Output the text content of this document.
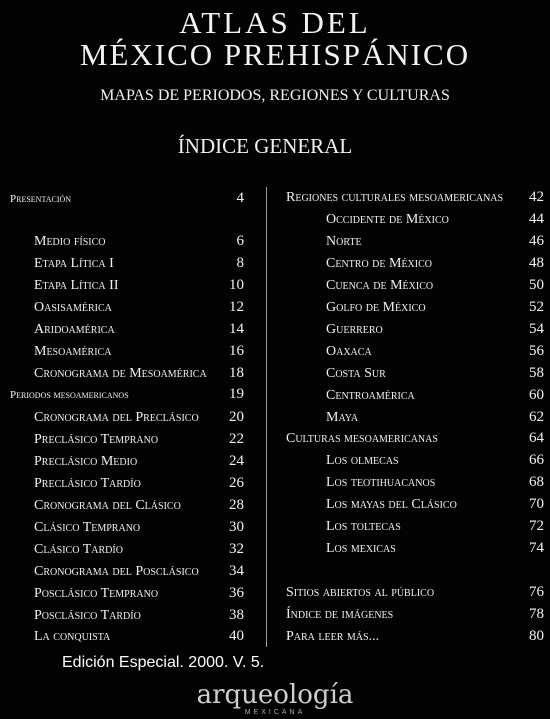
ATLAS DEL
MÉXICO PREHISPÁNICO
MAPAS DE PERIODOS, REGIONES Y CULTURAS
ÍNDICE GENERAL
Presentación	4
Medio físico	6
Etapa Lítica I	8
Etapa Lítica II	10
Oasisamérica	12
Aridoamérica	14
Mesoamérica	16
Cronograma de Mesoamérica 18
Periodos mesoamericanos	19
Cronograma del Preclásico 20
Preclásico Temprano	22
Preclásico Medio	24
Preclásico Tardío	26
Cronograma del Clásico	28
Clásico Temprano	30
Clásico Tardío	32
Cronograma del Posclásico 34
Posclásico Temprano	36
Posclásico Tardío	38
La conquista	40
Regiones culturales mesoamericanas 42
Occidente de México	44
Norte	46
Centro de México	48
Cuenca de México	50
Golfo de México	52
Guerrero	54
Oaxaca	56
Costa Sur	58
Centroamérica	60
Maya	62
Culturas mesoamericanas	64
Los olmecas	66
Los teotihuacanos	68
Los mayas del Clásico	70
Los toltecas	72
Los mexicas	74
Sitios abiertos al público	76
Índice de imágenes	78
Para leer más...	80
Edición Especial. 2000. V. 5.
arqueología
MEXICANA
